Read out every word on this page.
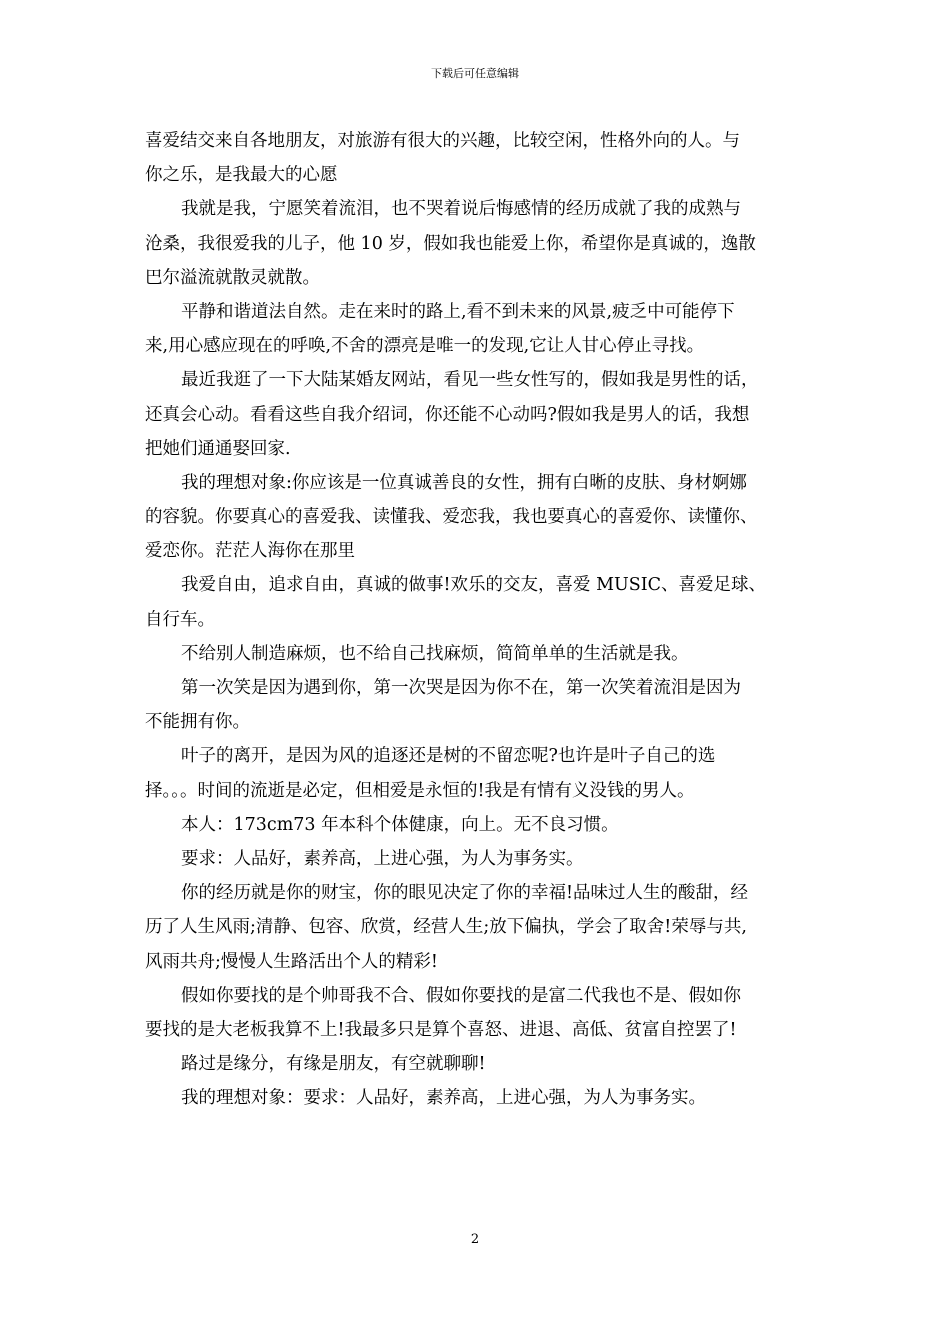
下载后可任意编辑
喜爱结交来自各地朋友，对旅游有很大的兴趣，比较空闲，性格外向的人。与
你之乐，是我最大的心愿
我就是我，宁愿笑着流泪，也不哭着说后悔感情的经历成就了我的成熟与
沧桑，我很爱我的儿子，他 10 岁，假如我也能爱上你，希望你是真诚的，逸散
巴尔溢流就散灵就散。
平静和谐道法自然。走在来时的路上,看不到未来的风景,疲乏中可能停下
来,用心感应现在的呼唤,不舍的漂亮是唯一的发现,它让人甘心停止寻找。
最近我逛了一下大陆某婚友网站，看见一些女性写的，假如我是男性的话，
还真会心动。看看这些自我介绍词，你还能不心动吗?假如我是男人的话，我想
把她们通通娶回家.
我的理想对象:你应该是一位真诚善良的女性，拥有白晰的皮肤、身材婀娜
的容貌。你要真心的喜爱我、读懂我、爱恋我，我也要真心的喜爱你、读懂你、
爱恋你。茫茫人海你在那里
我爱自由，追求自由，真诚的做事!欢乐的交友，喜爱 MUSIC、喜爱足球、
自行车。
不给别人制造麻烦，也不给自己找麻烦，简简单单的生活就是我。
第一次笑是因为遇到你，第一次哭是因为你不在，第一次笑着流泪是因为
不能拥有你。
叶子的离开，是因为风的追逐还是树的不留恋呢?也许是叶子自己的选
择。。。时间的流逝是必定，但相爱是永恒的!我是有情有义没钱的男人。
本人：173cm73 年本科个体健康，向上。无不良习惯。
要求：人品好，素养高，上进心强，为人为事务实。
你的经历就是你的财宝，你的眼见决定了你的幸福!品味过人生的酸甜，经
历了人生风雨;清静、包容、欣赏，经营人生;放下偏执，学会了取舍!荣辱与共,
风雨共舟;慢慢人生路活出个人的精彩!
假如你要找的是个帅哥我不合、假如你要找的是富二代我也不是、假如你
要找的是大老板我算不上!我最多只是算个喜怒、进退、高低、贫富自控罢了!
路过是缘分，有缘是朋友，有空就聊聊!
我的理想对象：要求：人品好，素养高，上进心强，为人为事务实。
2
